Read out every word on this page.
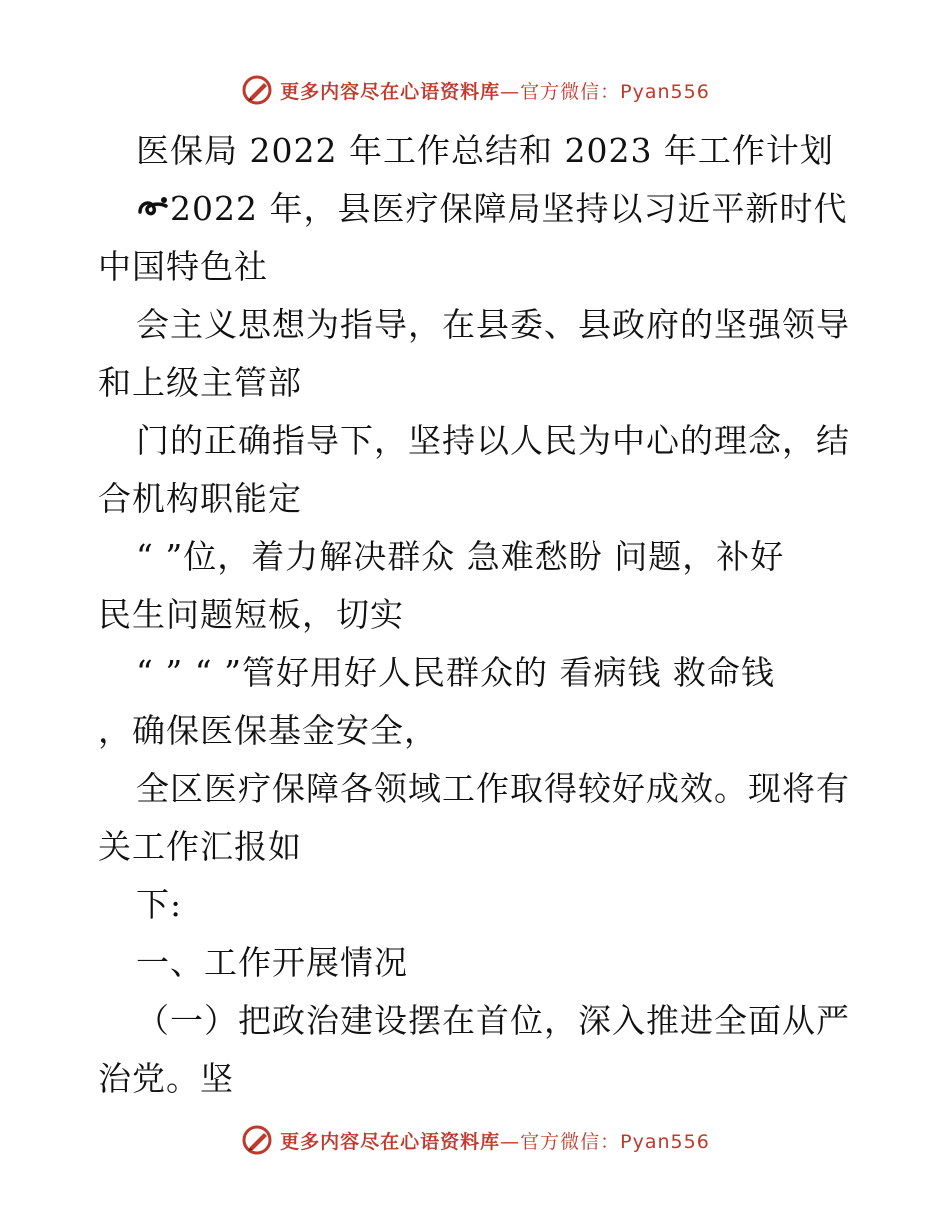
更多内容尽在心语资料库—官方微信：Pyan556
医保局 2022 年工作总结和 2023 年工作计划
2022 年，县医疗保障局坚持以习近平新时代
中国特色社
会主义思想为指导，在县委、县政府的坚强领导
和上级主管部
门的正确指导下，坚持以人民为中心的理念，结
合机构职能定
“ ”位，着力解决群众 急难愁盼 问题，补好
民生问题短板，切实
“ ” “ ”管好用好人民群众的 看病钱 救命钱
，确保医保基金安全，
全区医疗保障各领域工作取得较好成效。现将有
关工作汇报如
下:
一、工作开展情况
（一）把政治建设摆在首位，深入推进全面从严
治党。坚
更多内容尽在心语资料库—官方微信：Pyan556
